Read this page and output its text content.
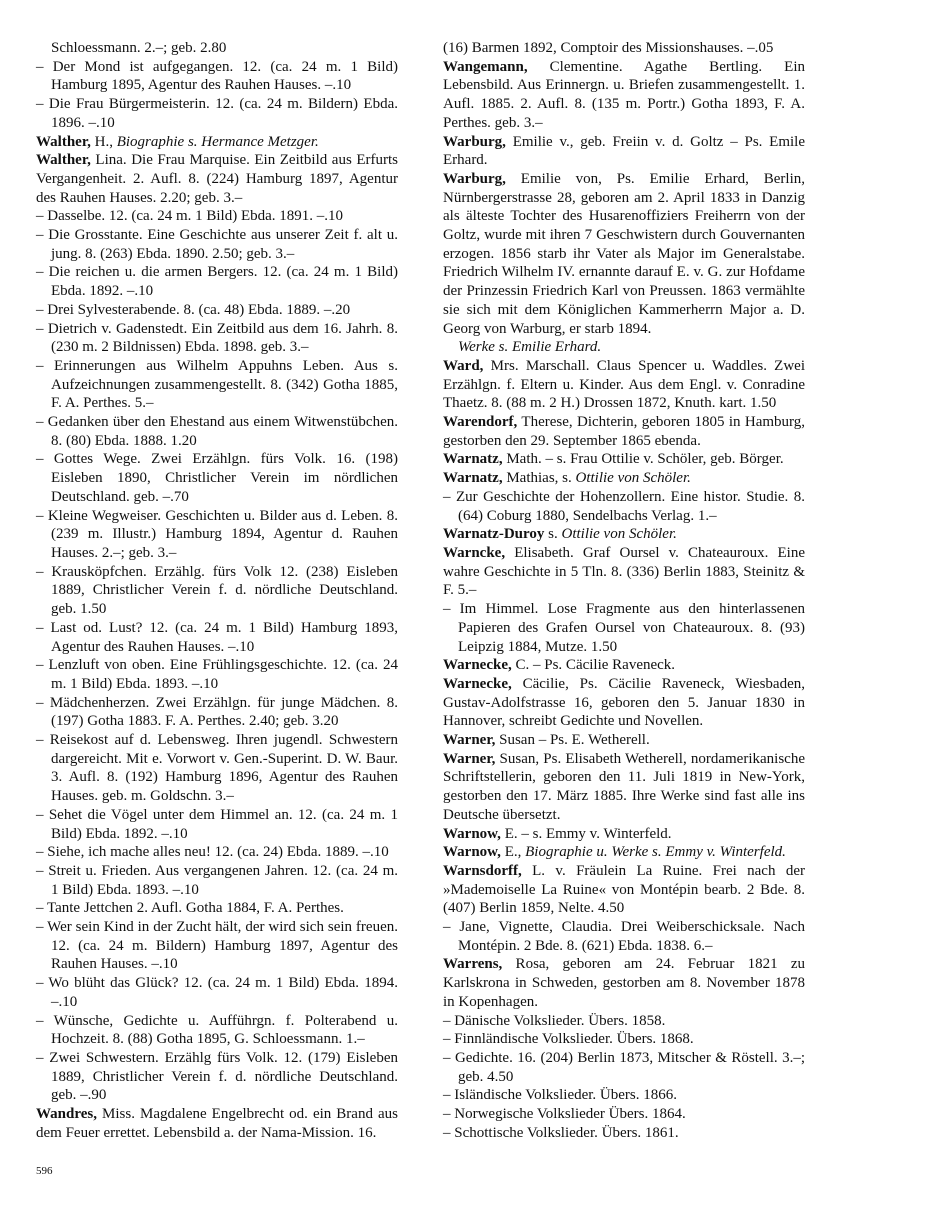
Schloessmann. 2.–; geb. 2.80

– Der Mond ist aufgegangen. 12. (ca. 24 m. 1 Bild) Hamburg 1895, Agentur des Rauhen Hauses. –.10

– Die Frau Bürgermeisterin. 12. (ca. 24 m. Bildern) Ebda. 1896. –.10

Walther, H., Biographie s. Hermance Metzger.

Walther, Lina. Die Frau Marquise. Ein Zeitbild aus Erfurts Vergangenheit. 2. Aufl. 8. (224) Hamburg 1897, Agentur des Rauhen Hauses. 2.20; geb. 3.–

– Dasselbe. 12. (ca. 24 m. 1 Bild) Ebda. 1891. –.10

– Die Grosstante. Eine Geschichte aus unserer Zeit f. alt u. jung. 8. (263) Ebda. 1890. 2.50; geb. 3.–

– Die reichen u. die armen Bergers. 12. (ca. 24 m. 1 Bild) Ebda. 1892. –.10

– Drei Sylvesterabende. 8. (ca. 48) Ebda. 1889. –.20

– Dietrich v. Gadenstedt. Ein Zeitbild aus dem 16. Jahrh. 8. (230 m. 2 Bildnissen) Ebda. 1898. geb. 3.–

– Erinnerungen aus Wilhelm Appuhns Leben. Aus s. Aufzeichnungen zusammengestellt. 8. (342) Gotha 1885, F. A. Perthes. 5.–

– Gedanken über den Ehestand aus einem Witwenstübchen. 8. (80) Ebda. 1888. 1.20

– Gottes Wege. Zwei Erzählgn. fürs Volk. 16. (198) Eisleben 1890, Christlicher Verein im nördlichen Deutschland. geb. –.70

– Kleine Wegweiser. Geschichten u. Bilder aus d. Leben. 8. (239 m. Illustr.) Hamburg 1894, Agentur d. Rauhen Hauses. 2.–; geb. 3.–

– Krausköpfchen. Erzählg. fürs Volk 12. (238) Eisleben 1889, Christlicher Verein f. d. nördliche Deutschland. geb. 1.50

– Last od. Lust? 12. (ca. 24 m. 1 Bild) Hamburg 1893, Agentur des Rauhen Hauses. –.10

– Lenzluft von oben. Eine Frühlingsgeschichte. 12. (ca. 24 m. 1 Bild) Ebda. 1893. –.10

– Mädchenherzen. Zwei Erzählgn. für junge Mädchen. 8. (197) Gotha 1883. F. A. Perthes. 2.40; geb. 3.20

– Reisekost auf d. Lebensweg. Ihren jugendl. Schwestern dargereicht. Mit e. Vorwort v. Gen.-Superint. D. W. Baur. 3. Aufl. 8. (192) Hamburg 1896, Agentur des Rauhen Hauses. geb. m. Goldschn. 3.–

– Sehet die Vögel unter dem Himmel an. 12. (ca. 24 m. 1 Bild) Ebda. 1892. –.10

– Siehe, ich mache alles neu! 12. (ca. 24) Ebda. 1889. –.10

– Streit u. Frieden. Aus vergangenen Jahren. 12. (ca. 24 m. 1 Bild) Ebda. 1893. –.10

– Tante Jettchen 2. Aufl. Gotha 1884, F. A. Perthes.

– Wer sein Kind in der Zucht hält, der wird sich sein freuen. 12. (ca. 24 m. Bildern) Hamburg 1897, Agentur des Rauhen Hauses. –.10

– Wo blüht das Glück? 12. (ca. 24 m. 1 Bild) Ebda. 1894. –.10

– Wünsche, Gedichte u. Aufführgn. f. Polterabend u. Hochzeit. 8. (88) Gotha 1895, G. Schloessmann. 1.–

– Zwei Schwestern. Erzählg fürs Volk. 12. (179) Eisleben 1889, Christlicher Verein f. d. nördliche Deutschland. geb. –.90

Wandres, Miss. Magdalene Engelbrecht od. ein Brand aus dem Feuer errettet. Lebensbild a. der Nama-Mission. 16.

(16) Barmen 1892, Comptoir des Missionshauses. –.05

Wangemann, Clementine. Agathe Bertling. Ein Lebensbild. Aus Erinnergn. u. Briefen zusammengestellt. 1. Aufl. 1885. 2. Aufl. 8. (135 m. Portr.) Gotha 1893, F. A. Perthes. geb. 3.–

Warburg, Emilie v., geb. Freiin v. d. Goltz – Ps. Emile Erhard.

Warburg, Emilie von, Ps. Emilie Erhard, Berlin, Nürnbergerstrasse 28, geboren am 2. April 1833 in Danzig als älteste Tochter des Husarenoffiziers Freiherrn von der Goltz, wurde mit ihren 7 Geschwistern durch Gouvernanten erzogen. 1856 starb ihr Vater als Major im Generalstabe. Friedrich Wilhelm IV. ernannte darauf E. v. G. zur Hofdame der Prinzessin Friedrich Karl von Preussen. 1863 vermählte sie sich mit dem Königlichen Kammerherrn Major a. D. Georg von Warburg, er starb 1894.

Werke s. Emilie Erhard.

Ward, Mrs. Marschall. Claus Spencer u. Waddles. Zwei Erzählgn. f. Eltern u. Kinder. Aus dem Engl. v. Conradine Thaetz. 8. (88 m. 2 H.) Drossen 1872, Knuth. kart. 1.50

Warendorf, Therese, Dichterin, geboren 1805 in Hamburg, gestorben den 29. September 1865 ebenda.

Warnatz, Math. – s. Frau Ottilie v. Schöler, geb. Börger.

Warnatz, Mathias, s. Ottilie von Schöler.

– Zur Geschichte der Hohenzollern. Eine histor. Studie. 8. (64) Coburg 1880, Sendelbachs Verlag. 1.–

Warnatz-Duroy s. Ottilie von Schöler.

Warncke, Elisabeth. Graf Oursel v. Chateauroux. Eine wahre Geschichte in 5 Tln. 8. (336) Berlin 1883, Steinitz & F. 5.–

– Im Himmel. Lose Fragmente aus den hinterlassenen Papieren des Grafen Oursel von Chateauroux. 8. (93) Leipzig 1884, Mutze. 1.50

Warnecke, C. – Ps. Cäcilie Raveneck.

Warnecke, Cäcilie, Ps. Cäcilie Raveneck, Wiesbaden, Gustav-Adolfstrasse 16, geboren den 5. Januar 1830 in Hannover, schreibt Gedichte und Novellen.

Warner, Susan – Ps. E. Wetherell.

Warner, Susan, Ps. Elisabeth Wetherell, nordamerikanische Schriftstellerin, geboren den 11. Juli 1819 in New-York, gestorben den 17. März 1885. Ihre Werke sind fast alle ins Deutsche übersetzt.

Warnow, E. – s. Emmy v. Winterfeld.

Warnow, E., Biographie u. Werke s. Emmy v. Winterfeld.

Warnsdorff, L. v. Fräulein La Ruine. Frei nach der »Mademoiselle La Ruine« von Montépin bearb. 2 Bde. 8. (407) Berlin 1859, Nelte. 4.50

– Jane, Vignette, Claudia. Drei Weiberschicksale. Nach Montépin. 2 Bde. 8. (621) Ebda. 1838. 6.–

Warrens, Rosa, geboren am 24. Februar 1821 zu Karlskrona in Schweden, gestorben am 8. November 1878 in Kopenhagen.

– Dänische Volkslieder. Übers. 1858.

– Finnländische Volkslieder. Übers. 1868.

– Gedichte. 16. (204) Berlin 1873, Mitscher & Röstell. 3.–; geb. 4.50

– Isländische Volkslieder. Übers. 1866.

– Norwegische Volkslieder Übers. 1864.

– Schottische Volkslieder. Übers. 1861.

596
